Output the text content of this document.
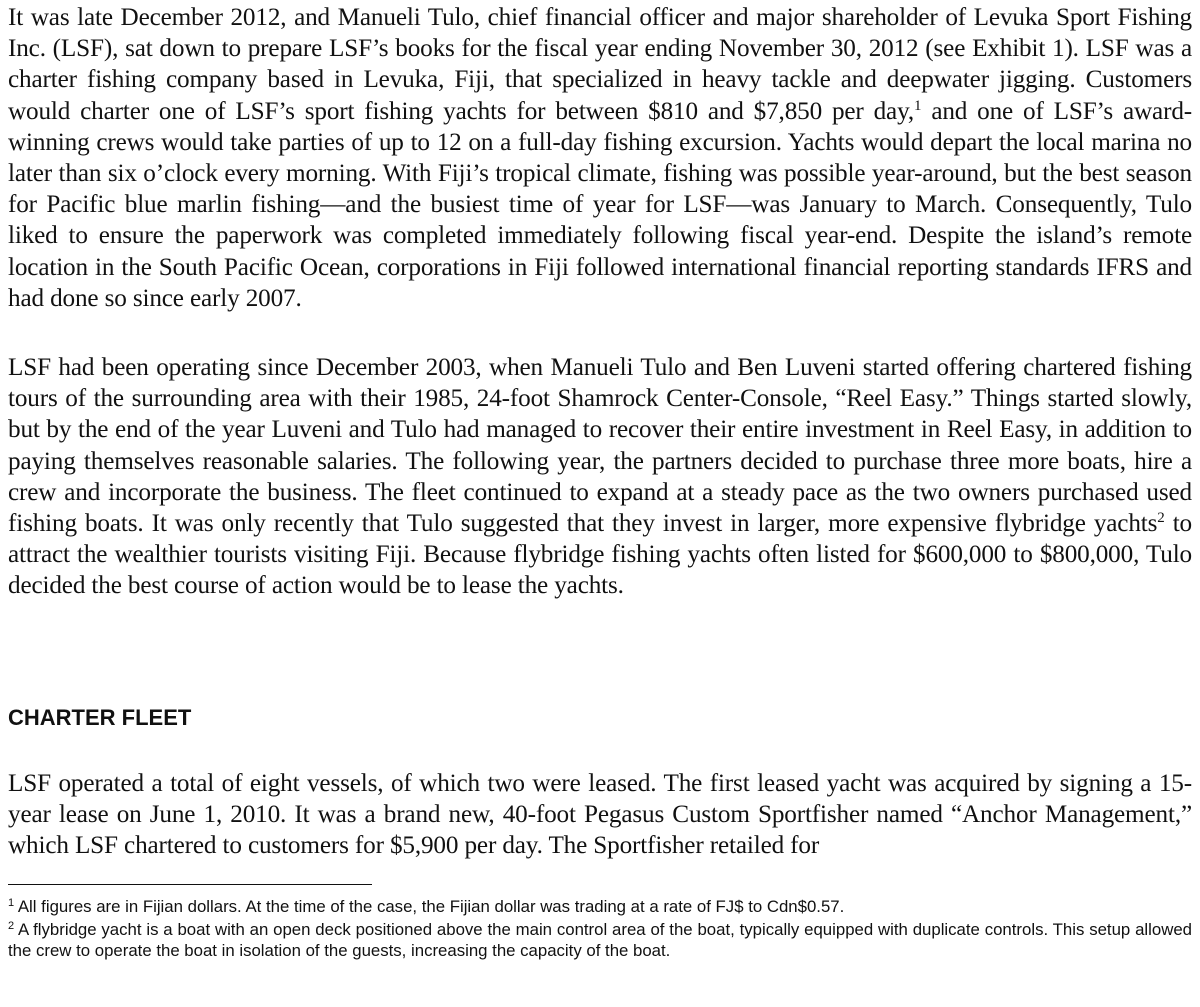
It was late December 2012, and Manueli Tulo, chief financial officer and major shareholder of Levuka Sport Fishing Inc. (LSF), sat down to prepare LSF’s books for the fiscal year ending November 30, 2012 (see Exhibit 1). LSF was a charter fishing company based in Levuka, Fiji, that specialized in heavy tackle and deepwater jigging. Customers would charter one of LSF’s sport fishing yachts for between $810 and $7,850 per day,$^1$ and one of LSF’s award-winning crews would take parties of up to 12 on a full-day fishing excursion. Yachts would depart the local marina no later than six o’clock every morning. With Fiji’s tropical climate, fishing was possible year-around, but the best season for Pacific blue marlin fishing—and the busiest time of year for LSF—was January to March. Consequently, Tulo liked to ensure the paperwork was completed immediately following fiscal year-end. Despite the island’s remote location in the South Pacific Ocean, corporations in Fiji followed international financial reporting standards IFRS and had done so since early 2007.

LSF had been operating since December 2003, when Manueli Tulo and Ben Luveni started offering chartered fishing tours of the surrounding area with their 1985, 24-foot Shamrock Center-Console, “Reel Easy.” Things started slowly, but by the end of the year Luveni and Tulo had managed to recover their entire investment in Reel Easy, in addition to paying themselves reasonable salaries. The following year, the partners decided to purchase three more boats, hire a crew and incorporate the business. The fleet continued to expand at a steady pace as the two owners purchased used fishing boats. It was only recently that Tulo suggested that they invest in larger, more expensive flybridge yachts$^2$ to attract the wealthier tourists visiting Fiji. Because flybridge fishing yachts often listed for $600,000 to $800,000, Tulo decided the best course of action would be to lease the yachts.

CHARTER FLEET

LSF operated a total of eight vessels, of which two were leased. The first leased yacht was acquired by signing a 15-year lease on June 1, 2010. It was a brand new, 40-foot Pegasus Custom Sportfisher named “Anchor Management,” which LSF chartered to customers for $5,900 per day. The Sportfisher retailed for

$^1$ All figures are in Fijian dollars. At the time of the case, the Fijian dollar was trading at a rate of FJ$ to Cdn$0.57.

$^2$ A flybridge yacht is a boat with an open deck positioned above the main control area of the boat, typically equipped with duplicate controls. This setup allowed the crew to operate the boat in isolation of the guests, increasing the capacity of the boat.
